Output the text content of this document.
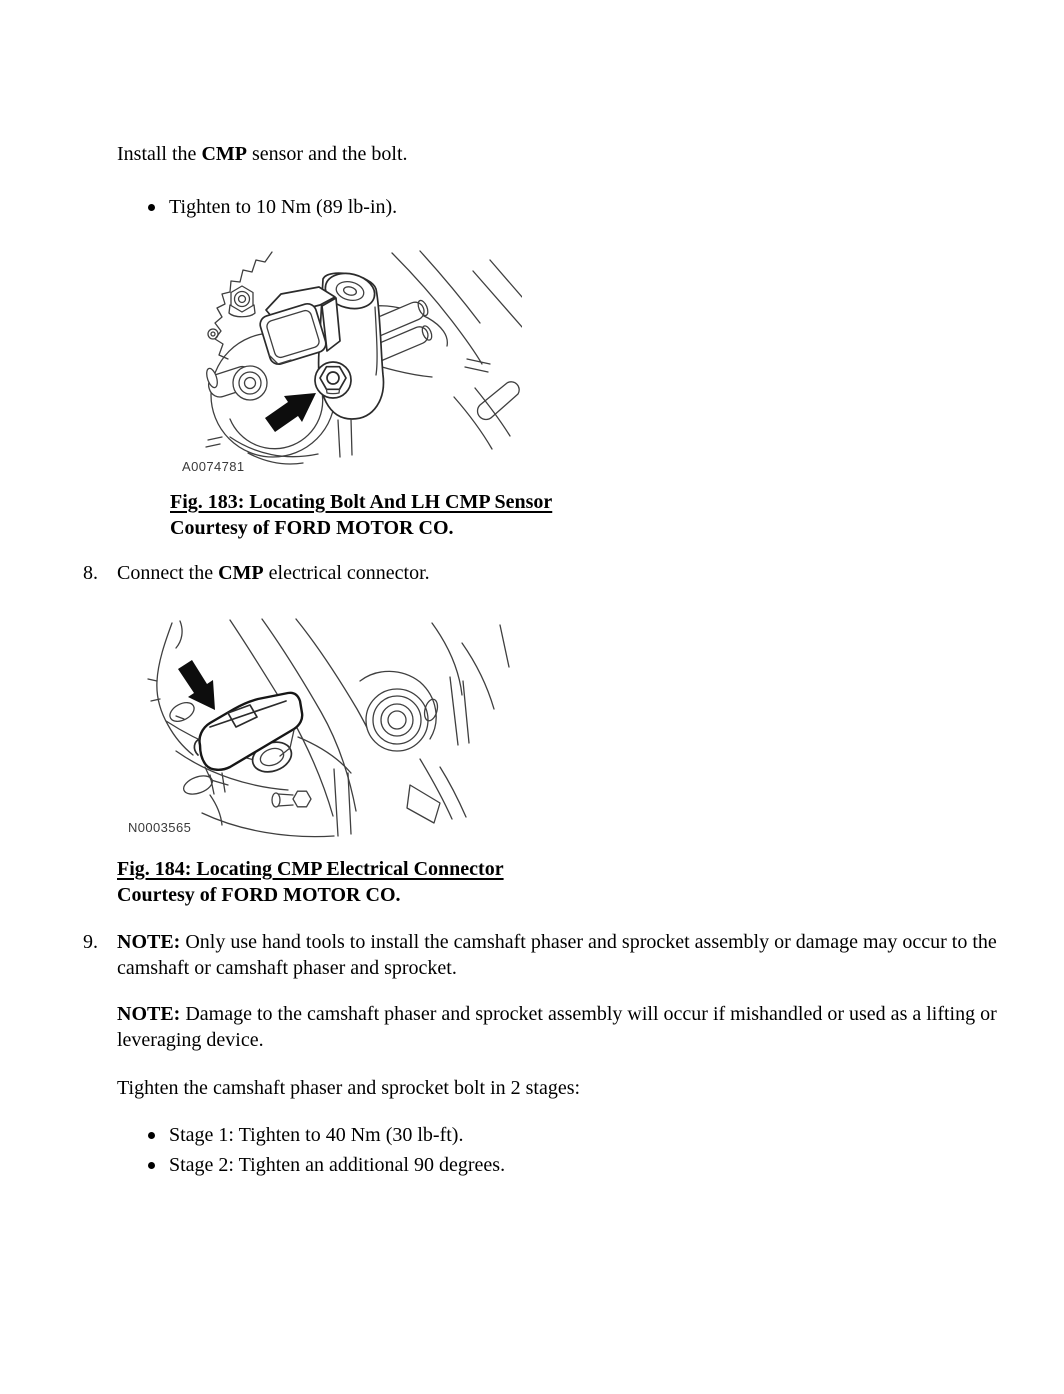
Install the CMP sensor and the bolt.

Tighten to 10 Nm (89 lb-in).
A0074781
Fig. 183: Locating Bolt And LH CMP Sensor
Courtesy of FORD MOTOR CO.
8. Connect the CMP electrical connector.
N0003565
Fig. 184: Locating CMP Electrical Connector
Courtesy of FORD MOTOR CO.
9. NOTE: Only use hand tools to install the camshaft phaser and sprocket assembly or damage may occur to the camshaft or camshaft phaser and sprocket.

NOTE: Damage to the camshaft phaser and sprocket assembly will occur if mishandled or used as a lifting or leveraging device.

Tighten the camshaft phaser and sprocket bolt in 2 stages:

Stage 1: Tighten to 40 Nm (30 lb-ft).
Stage 2: Tighten an additional 90 degrees.
